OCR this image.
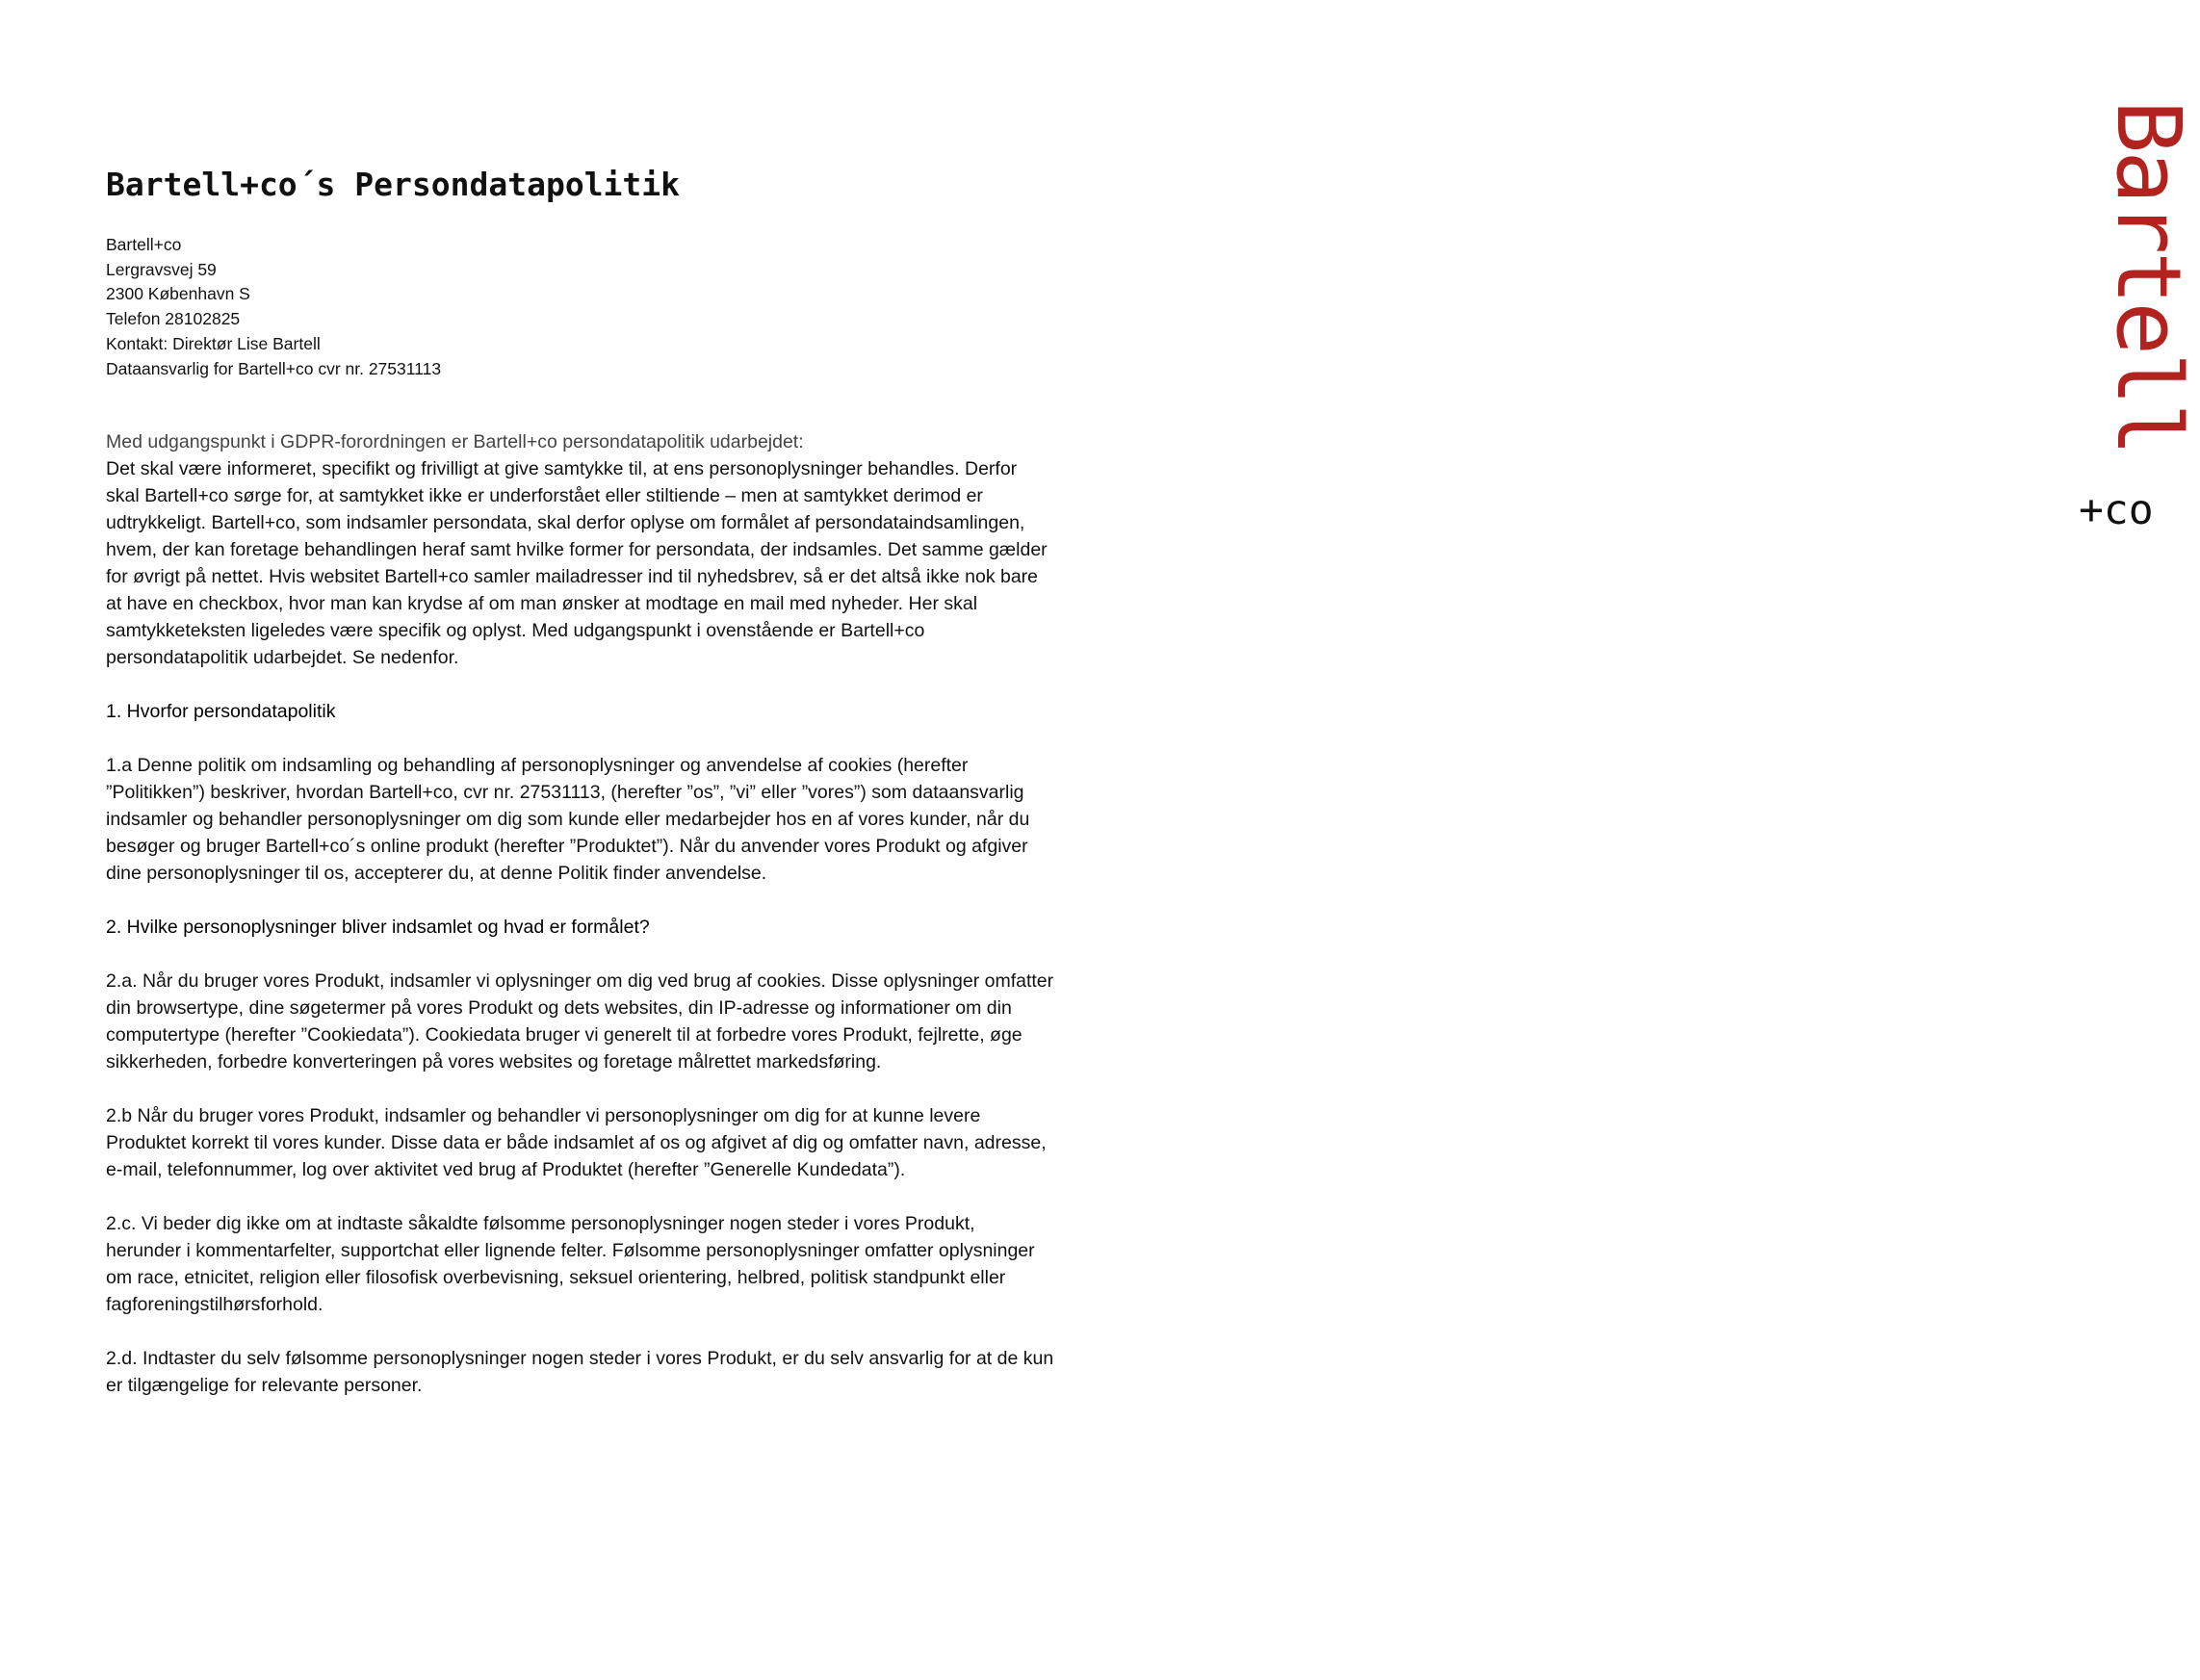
Bartell
+co
Bartell+co´s Persondatapolitik
Bartell+co
Lergravsvej 59
2300 København S
Telefon 28102825
Kontakt: Direktør Lise Bartell
Dataansvarlig for Bartell+co cvr nr. 27531113

Med udgangspunkt i GDPR-forordningen er Bartell+co persondatapolitik udarbejdet:
Det skal være informeret, specifikt og frivilligt at give samtykke til, at ens personoplysninger behandles. Derfor skal Bartell+co sørge for, at samtykket ikke er underforstået eller stiltiende – men at samtykket derimod er udtrykkeligt. Bartell+co, som indsamler persondata, skal derfor oplyse om formålet af persondataindsamlingen, hvem, der kan foretage behandlingen heraf samt hvilke former for persondata, der indsamles. Det samme gælder for øvrigt på nettet. Hvis websitet Bartell+co samler mailadresser ind til nyhedsbrev, så er det altså ikke nok bare at have en checkbox, hvor man kan krydse af om man ønsker at modtage en mail med nyheder. Her skal samtykketeksten ligeledes være specifik og oplyst. Med udgangspunkt i ovenstående er Bartell+co persondatapolitik udarbejdet. Se nedenfor.

1. Hvorfor persondatapolitik

1.a Denne politik om indsamling og behandling af personoplysninger og anvendelse af cookies (herefter ”Politikken”) beskriver, hvordan Bartell+co, cvr nr. 27531113, (herefter ”os”, ”vi” eller ”vores”) som dataansvarlig indsamler og behandler personoplysninger om dig som kunde eller medarbejder hos en af vores kunder, når du besøger og bruger Bartell+co´s online produkt (herefter ”Produktet”). Når du anvender vores Produkt og afgiver dine personoplysninger til os, accepterer du, at denne Politik finder anvendelse.

2. Hvilke personoplysninger bliver indsamlet og hvad er formålet?

2.a. Når du bruger vores Produkt, indsamler vi oplysninger om dig ved brug af cookies. Disse oplysninger omfatter din browsertype, dine søgetermer på vores Produkt og dets websites, din IP-adresse og informationer om din computertype (herefter ”Cookiedata”). Cookiedata bruger vi generelt til at forbedre vores Produkt, fejlrette, øge sikkerheden, forbedre konverteringen på vores websites og foretage målrettet markedsføring.

2.b Når du bruger vores Produkt, indsamler og behandler vi personoplysninger om dig for at kunne levere Produktet korrekt til vores kunder. Disse data er både indsamlet af os og afgivet af dig og omfatter navn, adresse, e-mail, telefonnummer, log over aktivitet ved brug af Produktet (herefter ”Generelle Kundedata”).

2.c. Vi beder dig ikke om at indtaste såkaldte følsomme personoplysninger nogen steder i vores Produkt, herunder i kommentarfelter, supportchat eller lignende felter. Følsomme personoplysninger omfatter oplysninger om race, etnicitet, religion eller filosofisk overbevisning, seksuel orientering, helbred, politisk standpunkt eller fagforeningstilhørsforhold.

2.d. Indtaster du selv følsomme personoplysninger nogen steder i vores Produkt, er du selv ansvarlig for at de kun er tilgængelige for relevante personer.
